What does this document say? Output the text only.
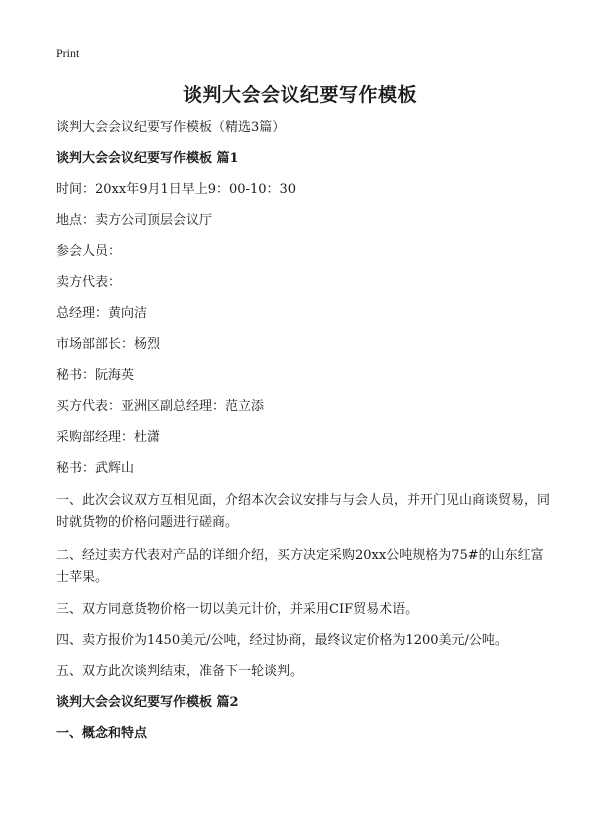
Print
谈判大会会议纪要写作模板

谈判大会会议纪要写作模板（精选3篇）

谈判大会会议纪要写作模板 篇1

时间：20xx年9月1日早上9：00-10：30

地点：卖方公司顶层会议厅

参会人员：

卖方代表：

总经理：黄向洁

市场部部长：杨烈

秘书：阮海英

买方代表：亚洲区副总经理：范立添

采购部经理：杜潇

秘书：武辉山

一、此次会议双方互相见面，介绍本次会议安排与与会人员，并开门见山商谈贸易，同时就货物的价格问题进行磋商。

二、经过卖方代表对产品的详细介绍，买方决定采购20xx公吨规格为75#的山东红富士苹果。

三、双方同意货物价格一切以美元计价，并采用CIF贸易术语。

四、卖方报价为1450美元/公吨，经过协商，最终议定价格为1200美元/公吨。

五、双方此次谈判结束，准备下一轮谈判。

谈判大会会议纪要写作模板 篇2

一、概念和特点
